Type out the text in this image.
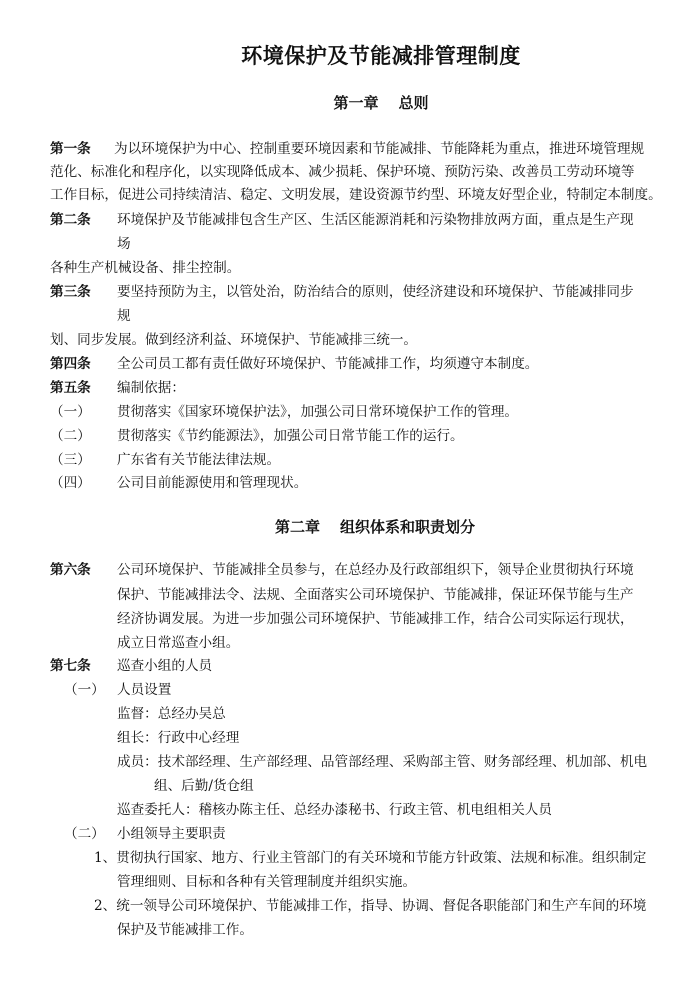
环境保护及节能减排管理制度
第一章 总则
第一条 为以环境保护为中心、控制重要环境因素和节能减排、节能降耗为重点，推进环境管理规
范化、标准化和程序化，以实现降低成本、减少损耗、保护环境、预防污染、改善员工劳动环境等
工作目标，促进公司持续清洁、稳定、文明发展，建设资源节约型、环境友好型企业，特制定本制度。
第二条 环境保护及节能减排包含生产区、生活区能源消耗和污染物排放两方面，重点是生产现
场
各种生产机械设备、排尘控制。
第三条 要坚持预防为主，以管处治，防治结合的原则，使经济建设和环境保护、节能减排同步
规
划、同步发展。做到经济利益、环境保护、节能减排三统一。
第四条 全公司员工都有责任做好环境保护、节能减排工作，均须遵守本制度。
第五条 编制依据：
（一） 贯彻落实《国家环境保护法》，加强公司日常环境保护工作的管理。
（二） 贯彻落实《节约能源法》，加强公司日常节能工作的运行。
（三） 广东省有关节能法律法规。
（四） 公司目前能源使用和管理现状。
第二章 组织体系和职责划分
第六条 公司环境保护、节能减排全员参与，在总经办及行政部组织下，领导企业贯彻执行环境
保护、节能减排法令、法规、全面落实公司环境保护、节能减排，保证环保节能与生产
经济协调发展。为进一步加强公司环境保护、节能减排工作，结合公司实际运行现状，
成立日常巡查小组。
第七条 巡查小组的人员
（一） 人员设置
监督：总经办吴总
组长：行政中心经理
成员：技术部经理、生产部经理、品管部经理、采购部主管、财务部经理、机加部、机电
组、后勤/货仓组
巡查委托人：稽核办陈主任、总经办漆秘书、行政主管、机电组相关人员
（二） 小组领导主要职责
1、贯彻执行国家、地方、行业主管部门的有关环境和节能方针政策、法规和标准。组织制定
管理细则、目标和各种有关管理制度并组织实施。
2、统一领导公司环境保护、节能减排工作，指导、协调、督促各职能部门和生产车间的环境
保护及节能减排工作。
